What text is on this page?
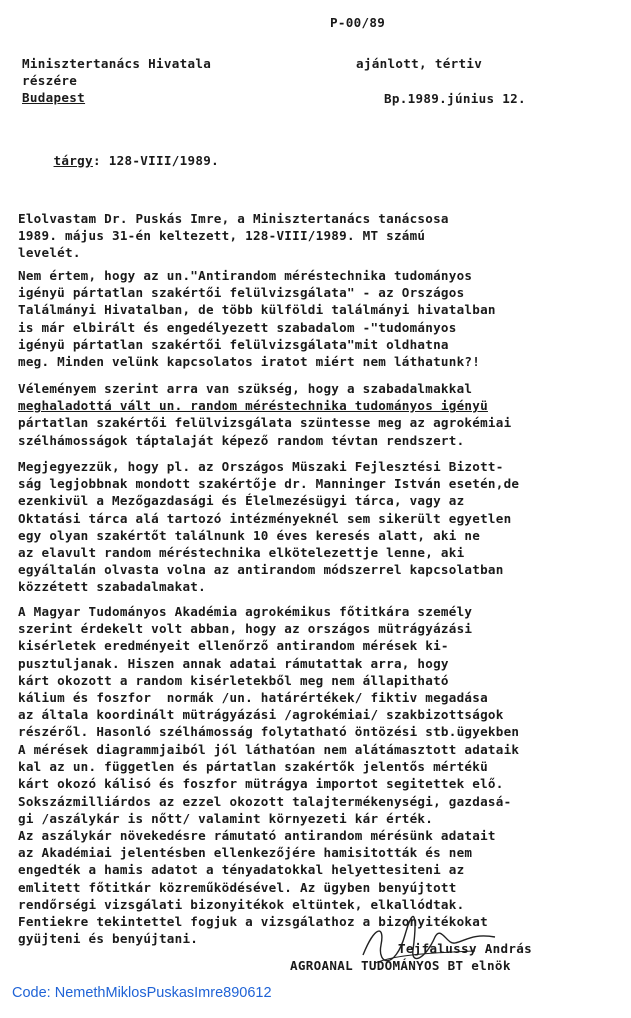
P-00/89
Minisztertanács Hivatala
részére
Budapest
ajánlott, tértiv
Bp.1989.június 12.

tárgy: 128-VIII/1989.

Elolvastam Dr. Puskás Imre, a Minisztertanács tanácsosa
1989. május 31-én keltezett, 128-VIII/1989. MT számú
levelét.
Nem értem, hogy az un."Antirandom méréstechnika tudományos
igényü pártatlan szakértői felülvizsgálata" - az Országos
Találmányi Hivatalban, de több külföldi találmányi hivatalban
is már elbirált és engedélyezett szabadalom -"tudományos
igényü pártatlan szakértői felülvizsgálata"mit oldhatna
meg. Minden velünk kapcsolatos iratot miért nem láthatunk?!
Véleményem szerint arra van szükség, hogy a szabadalmakkal
meghaladottá vált un. random méréstechnika tudományos igényü
pártatlan szakértői felülvizsgálata szüntesse meg az agrokémiai
szélhámosságok táptalaját képező random tévtan rendszert.
Megjegyezzük, hogy pl. az Országos Müszaki Fejlesztési Bizott-
ság legjobbnak mondott szakértője dr. Manninger István esetén,de
ezenkivül a Mezőgazdasági és Élelmezésügyi tárca, vagy az
Oktatási tárca alá tartozó intézményeknél sem sikerült egyetlen
egy olyan szakértőt találnunk 10 éves keresés alatt, aki ne
az elavult random méréstechnika elkötelezettje lenne, aki
egyáltalán olvasta volna az antirandom módszerrel kapcsolatban
közzétett szabadalmakat.
A Magyar Tudományos Akadémia agrokémikus főtitkára személy
szerint érdekelt volt abban, hogy az országos mütrágyázási
kisérletek eredményeit ellenőrző antirandom mérések ki-
pusztuljanak. Hiszen annak adatai rámutattak arra, hogy
kárt okozott a random kisérletekből meg nem állapitható
kálium és foszfor  normák /un. határértékek/ fiktiv megadása
az általa koordinált mütrágyázási /agrokémiai/ szakbizottságok
részéről. Hasonló szélhámosság folytatható öntözési stb.ügyekben
A mérések diagrammjaiból jól láthatóan nem alátámasztott adataik
kal az un. független és pártatlan szakértők jelentős mértékü
kárt okozó kálisó és foszfor mütrágya importot segitettek elő.
Sokszázmilliárdos az ezzel okozott talajtermékenységi, gazdasá-
gi /aszálykár is nőtt/ valamint környezeti kár érték.
Az aszálykár növekedésre rámutató antirandom mérésünk adatait
az Akadémiai jelentésben ellenkezőjére hamisitották és nem
engedték a hamis adatot a tényadatokkal helyettesiteni az
emlitett főtitkár közreműködésével. Az ügyben benyújtott
rendőrségi vizsgálati bizonyitékok eltüntek, elkallódtak.
Fentiekre tekintettel fogjuk a vizsgálathoz a bizonyitékokat
gyüjteni és benyújtani.
Tejfalussy András
AGROANAL TUDOMÁNYOS BT elnök
Code: NemethMiklosPuskasImre890612
